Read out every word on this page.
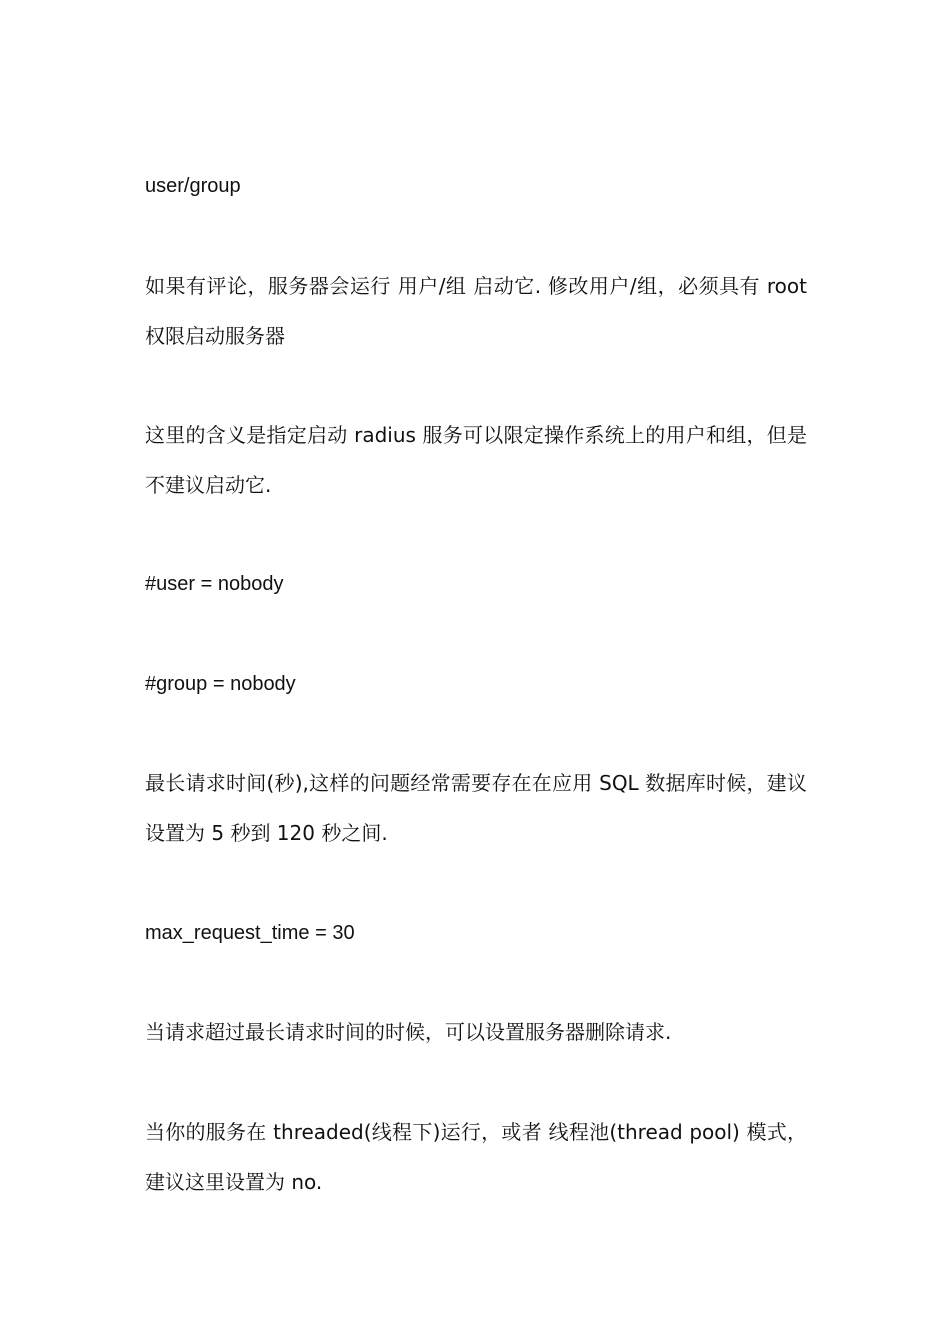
user/group

如果有评论，服务器会运行 用户/组 启动它. 修改用户/组，必须具有 root 权限启动服务器

这里的含义是指定启动 radius 服务可以限定操作系统上的用户和组，但是不建议启动它.

#user = nobody

#group = nobody

最长请求时间(秒),这样的问题经常需要存在在应用 SQL 数据库时候，建议设置为 5 秒到 120 秒之间.

max_request_time = 30

当请求超过最长请求时间的时候，可以设置服务器删除请求.

当你的服务在 threaded(线程下)运行，或者 线程池(thread pool) 模式，建议这里设置为 no.
